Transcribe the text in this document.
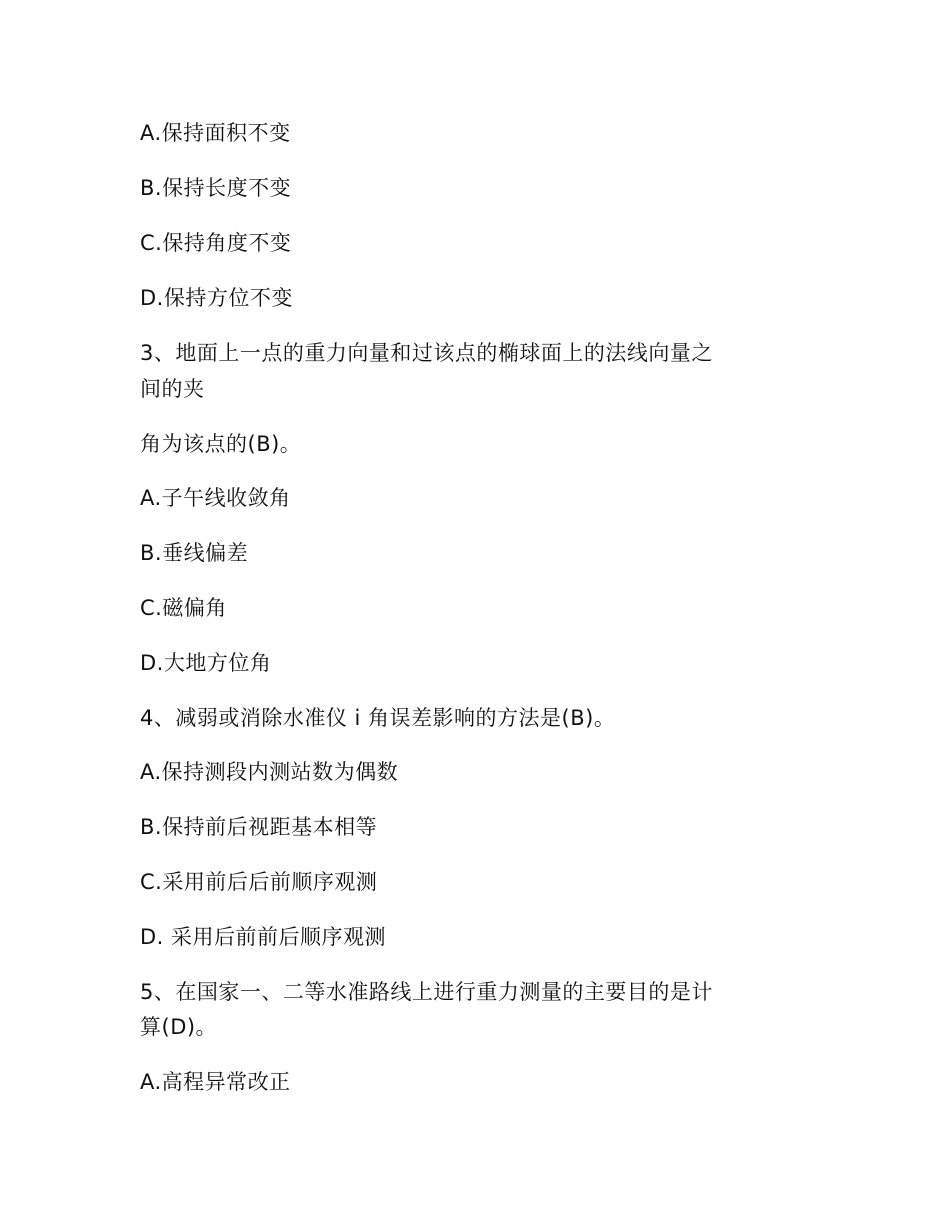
A.保持面积不变
B.保持长度不变
C.保持角度不变
D.保持方位不变
3、地面上一点的重力向量和过该点的椭球面上的法线向量之
间的夹
角为该点的(B)。
A.子午线收敛角
B.垂线偏差
C.磁偏角
D.大地方位角
4、减弱或消除水准仪 i 角误差影响的方法是(B)。
A.保持测段内测站数为偶数
B.保持前后视距基本相等
C.采用前后后前顺序观测
D. 采用后前前后顺序观测
5、在国家一、二等水准路线上进行重力测量的主要目的是计
算(D)。
A.高程异常改正
